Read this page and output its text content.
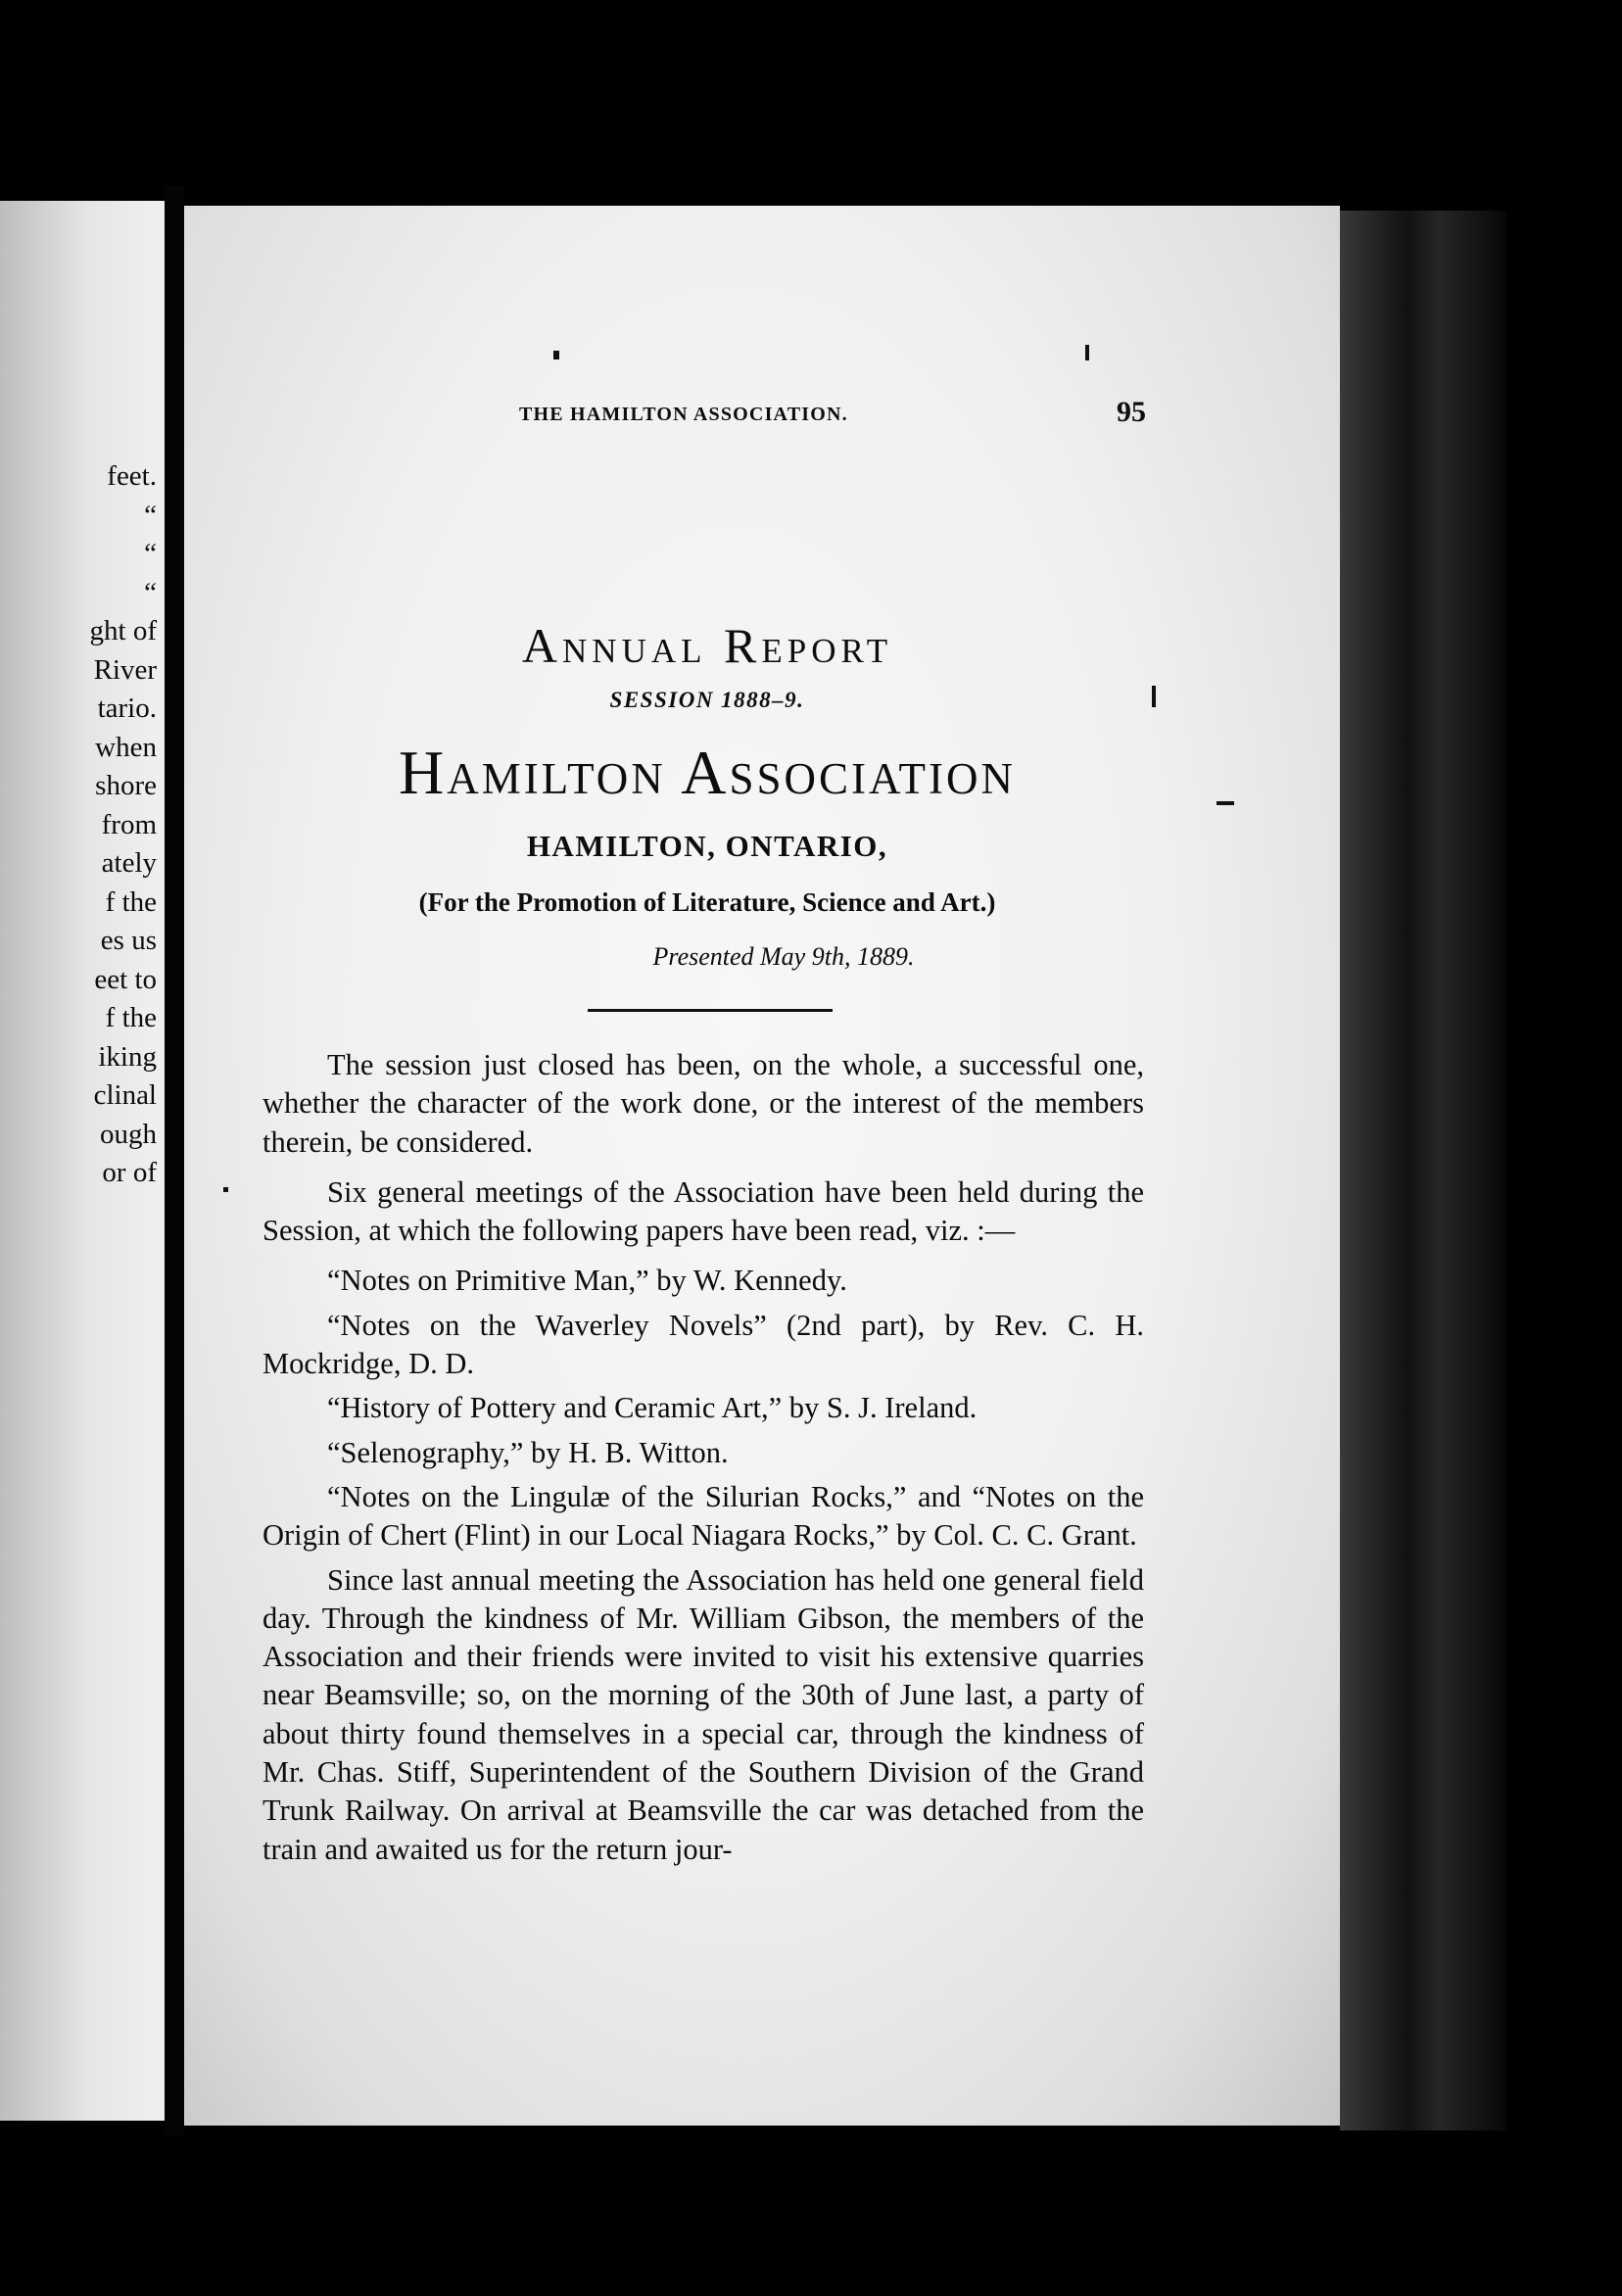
feet.
“
“
“
ght of
River
tario.
when
shore
from
ately
f the
es us
eet to
f the
iking
clinal
ough
or of
THE HAMILTON ASSOCIATION.	95
Annual Report
SESSION 1888–9.
Hamilton Association
HAMILTON, ONTARIO,
(For the Promotion of Literature, Science and Art.)
Presented May 9th, 1889.

The session just closed has been, on the whole, a successful one, whether the character of the work done, or the interest of the members therein, be considered.

Six general meetings of the Association have been held during the Session, at which the following papers have been read, viz. :—

“Notes on Primitive Man,” by W. Kennedy.

“Notes on the Waverley Novels” (2nd part), by Rev. C. H. Mockridge, D. D.

“History of Pottery and Ceramic Art,” by S. J. Ireland.

“Selenography,” by H. B. Witton.

“Notes on the Lingulæ of the Silurian Rocks,” and “Notes on the Origin of Chert (Flint) in our Local Niagara Rocks,” by Col. C. C. Grant.

Since last annual meeting the Association has held one general field day. Through the kindness of Mr. William Gibson, the members of the Association and their friends were invited to visit his extensive quarries near Beamsville; so, on the morning of the 30th of June last, a party of about thirty found themselves in a special car, through the kindness of Mr. Chas. Stiff, Superintendent of the Southern Division of the Grand Trunk Railway. On arrival at Beamsville the car was detached from the train and awaited us for the return jour-
